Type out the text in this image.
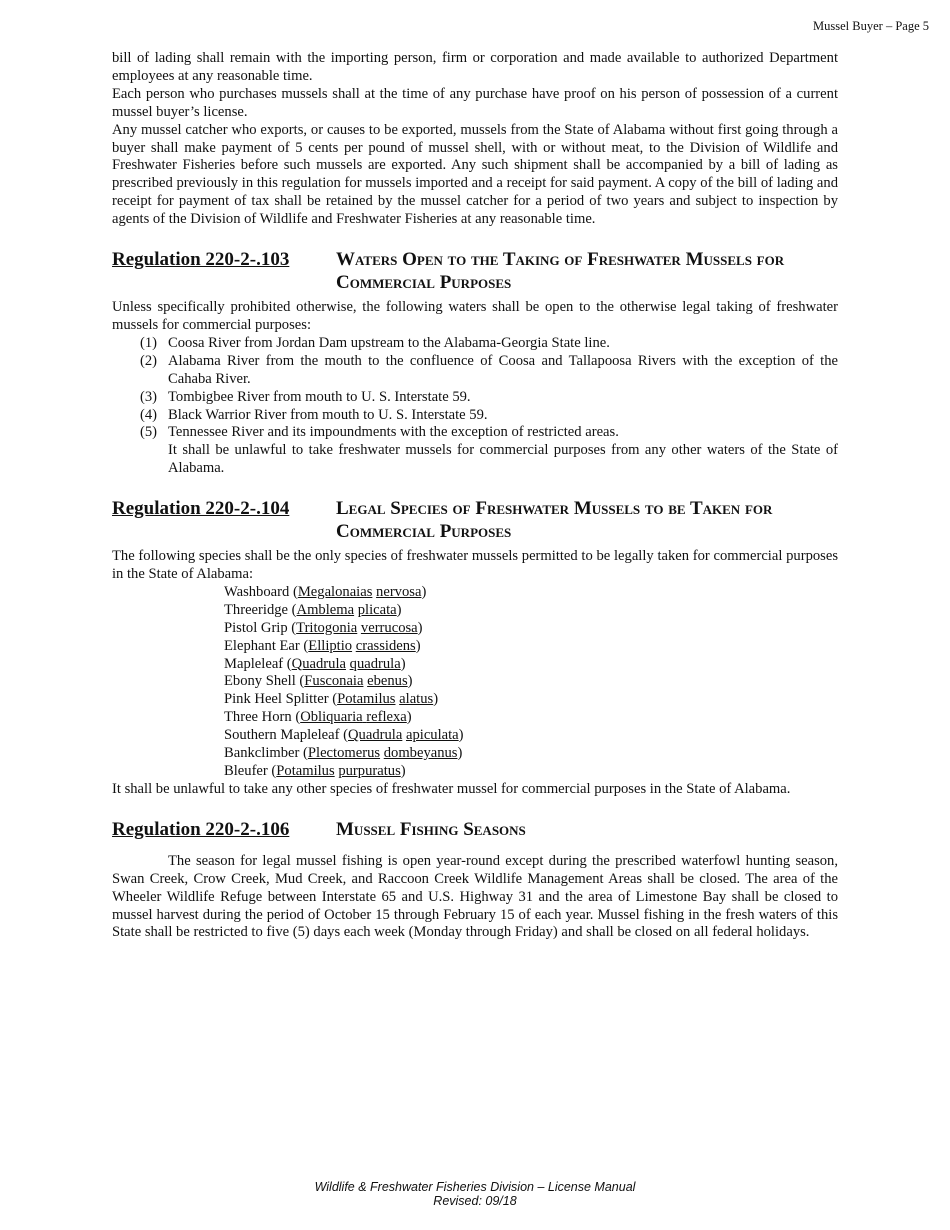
Mussel Buyer – Page 5

bill of lading shall remain with the importing person, firm or corporation and made available to authorized Department employees at any reasonable time.

Each person who purchases mussels shall at the time of any purchase have proof on his person of possession of a current mussel buyer’s license.

Any mussel catcher who exports, or causes to be exported, mussels from the State of Alabama without first going through a buyer shall make payment of 5 cents per pound of mussel shell, with or without meat, to the Division of Wildlife and Freshwater Fisheries before such mussels are exported. Any such shipment shall be accompanied by a bill of lading as prescribed previously in this regulation for mussels imported and a receipt for said payment. A copy of the bill of lading and receipt for payment of tax shall be retained by the mussel catcher for a period of two years and subject to inspection by agents of the Division of Wildlife and Freshwater Fisheries at any reasonable time.

Regulation 220-2-.103	Waters Open to the Taking of Freshwater Mussels for
Commercial Purposes

Unless specifically prohibited otherwise, the following waters shall be open to the otherwise legal taking of freshwater mussels for commercial purposes:

(1) Coosa River from Jordan Dam upstream to the Alabama-Georgia State line.
(2) Alabama River from the mouth to the confluence of Coosa and Tallapoosa Rivers with the exception of the Cahaba River.
(3) Tombigbee River from mouth to U. S. Interstate 59.
(4) Black Warrior River from mouth to U. S. Interstate 59.
(5) Tennessee River and its impoundments with the exception of restricted areas.

It shall be unlawful to take freshwater mussels for commercial purposes from any other waters of the State of Alabama.

Regulation 220-2-.104	Legal Species of Freshwater Mussels to be Taken for
Commercial Purposes

The following species shall be the only species of freshwater mussels permitted to be legally taken for commercial purposes in the State of Alabama:

Washboard (Megalonaias nervosa)
Threeridge (Amblema plicata)
Pistol Grip (Tritogonia verrucosa)
Elephant Ear (Elliptio crassidens)
Mapleleaf (Quadrula quadrula)
Ebony Shell (Fusconaia ebenus)
Pink Heel Splitter (Potamilus alatus)
Three Horn (Obliquaria reflexa)
Southern Mapleleaf (Quadrula apiculata)
Bankclimber (Plectomerus dombeyanus)
Bleufer (Potamilus purpuratus)

It shall be unlawful to take any other species of freshwater mussel for commercial purposes in the State of Alabama.

Regulation 220-2-.106	Mussel Fishing Seasons

The season for legal mussel fishing is open year-round except during the prescribed waterfowl hunting season, Swan Creek, Crow Creek, Mud Creek, and Raccoon Creek Wildlife Management Areas shall be closed. The area of the Wheeler Wildlife Refuge between Interstate 65 and U.S. Highway 31 and the area of Limestone Bay shall be closed to mussel harvest during the period of October 15 through February 15 of each year. Mussel fishing in the fresh waters of this State shall be restricted to five (5) days each week (Monday through Friday) and shall be closed on all federal holidays.

Wildlife & Freshwater Fisheries Division – License Manual
Revised: 09/18
